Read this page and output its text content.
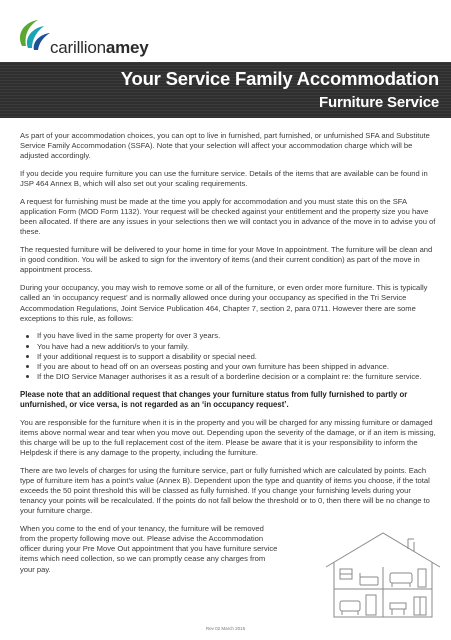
carillionamey
Your Service Family Accommodation
Furniture Service

As part of your accommodation choices, you can opt to live in furnished, part furnished, or unfurnished SFA and Substitute Service Family Accommodation (SSFA). Note that your selection will affect your accommodation charge which will be adjusted accordingly.

If you decide you require furniture you can use the furniture service. Details of the items that are available can be found in JSP 464 Annex B, which will also set out your scaling requirements.

A request for furnishing must be made at the time you apply for accommodation and you must state this on the SFA application Form (MOD Form 1132). Your request will be checked against your entitlement and the property size you have been allocated. If there are any issues in your selections then we will contact you in advance of the move in to advise you of these.

The requested furniture will be delivered to your home in time for your Move In appointment. The furniture will be clean and in good condition. You will be asked to sign for the inventory of items (and their current condition) as part of the move in appointment process.

During your occupancy, you may wish to remove some or all of the furniture, or even order more furniture. This is typically called an ‘in occupancy request’ and is normally allowed once during your occupancy as specified in the Tri Service Accommodation Regulations, Joint Service Publication 464, Chapter 7, section 2, para 0711. However there are some exceptions to this rule, as follows:

If you have lived in the same property for over 3 years.
You have had a new addition/s to your family.
If your additional request is to support a disability or special need.
If you are about to head off on an overseas posting and your own furniture has been shipped in advance.
If the DIO Service Manager authorises it as a result of a borderline decision or a complaint re: the furniture service.

Please note that an additional request that changes your furniture status from fully furnished to partly or unfurnished, or vice versa, is not regarded as an ‘in occupancy request’.

You are responsible for the furniture when it is in the property and you will be charged for any missing furniture or damaged items above normal wear and tear when you move out. Depending upon the severity of the damage, or if an item is missing, this charge will be up to the full replacement cost of the item. Please be aware that it is your responsibility to inform the Helpdesk if there is any damage to the property, including the furniture.

There are two levels of charges for using the furniture service, part or fully furnished which are calculated by points. Each type of furniture item has a point’s value (Annex B). Dependent upon the type and quantity of items you choose, if the total exceeds the 50 point threshold this will be classed as fully furnished. If you change your furnishing levels during your tenancy your points will be recalculated. If the points do not fall below the threshold or to 0, then there will be no change to your furniture charge.

When you come to the end of your tenancy, the furniture will be removed from the property following move out. Please advise the Accommodation officer during your Pre Move Out appointment that you have furniture service items which need collection, so we can promptly cease any charges from your pay.

Rev 02 March 2015
